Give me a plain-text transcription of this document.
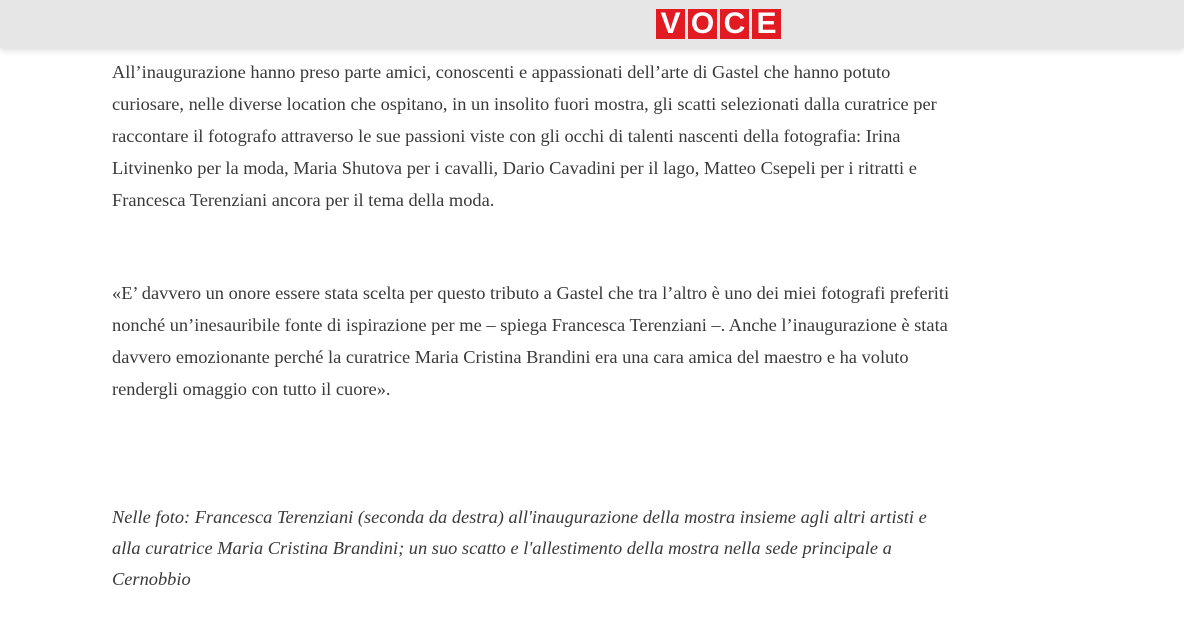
V O C E

All’inaugurazione hanno preso parte amici, conoscenti e appassionati dell’arte di Gastel che hanno potuto curiosare, nelle diverse location che ospitano, in un insolito fuori mostra, gli scatti selezionati dalla curatrice per raccontare il fotografo attraverso le sue passioni viste con gli occhi di talenti nascenti della fotografia: Irina Litvinenko per la moda, Maria Shutova per i cavalli, Dario Cavadini per il lago, Matteo Csepeli per i ritratti e Francesca Terenziani ancora per il tema della moda.

«E’ davvero un onore essere stata scelta per questo tributo a Gastel che tra l’altro è uno dei miei fotografi preferiti nonché un’inesauribile fonte di ispirazione per me – spiega Francesca Terenziani –. Anche l’inaugurazione è stata davvero emozionante perché la curatrice Maria Cristina Brandini era una cara amica del maestro e ha voluto rendergli omaggio con tutto il cuore».

Nelle foto: Francesca Terenziani (seconda da destra) all'inaugurazione della mostra insieme agli altri artisti e alla curatrice Maria Cristina Brandini; un suo scatto e l'allestimento della mostra nella sede principale a Cernobbio
